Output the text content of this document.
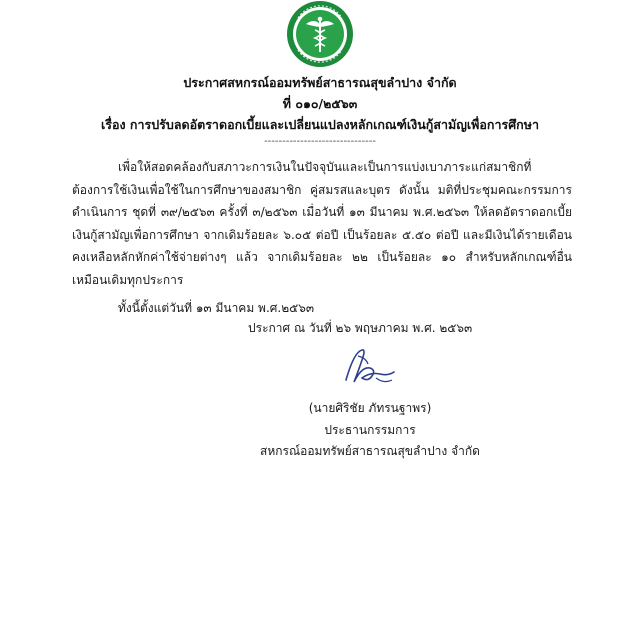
ประกาศสหกรณ์ออมทรัพย์สาธารณสุขลำปาง จำกัด
ที่ ๐๑๐/๒๕๖๓
เรื่อง การปรับลดอัตราดอกเบี้ยและเปลี่ยนแปลงหลักเกณฑ์เงินกู้สามัญเพื่อการศึกษา
-------------------------------

เพื่อให้สอดคล้องกับสภาวะการเงินในปัจจุบันและเป็นการแบ่งเบาภาระแก่สมาชิกที่ต้องการใช้เงินเพื่อใช้ในการศึกษาของสมาชิก คู่สมรสและบุตร ดังนั้น มติที่ประชุมคณะกรรมการดำเนินการ ชุดที่ ๓๙/๒๕๖๓ ครั้งที่ ๓/๒๕๖๓ เมื่อวันที่ ๑๓ มีนาคม พ.ศ.๒๕๖๓ ให้ลดอัตราดอกเบี้ยเงินกู้สามัญเพื่อการศึกษา จากเดิมร้อยละ ๖.๐๕ ต่อปี เป็นร้อยละ ๕.๕๐ ต่อปี และมีเงินได้รายเดือนคงเหลือหลักหักค่าใช้จ่ายต่างๆ แล้ว จากเดิมร้อยละ ๒๒ เป็นร้อยละ ๑๐ สำหรับหลักเกณฑ์อื่นเหมือนเดิมทุกประการ

ทั้งนี้ตั้งแต่วันที่ ๑๓ มีนาคม พ.ศ.๒๕๖๓

ประกาศ ณ วันที่ ๒๖ พฤษภาคม พ.ศ. ๒๕๖๓
(นายศิริชัย ภัทรนฐาพร)
ประธานกรรมการ
สหกรณ์ออมทรัพย์สาธารณสุขลำปาง จำกัด
